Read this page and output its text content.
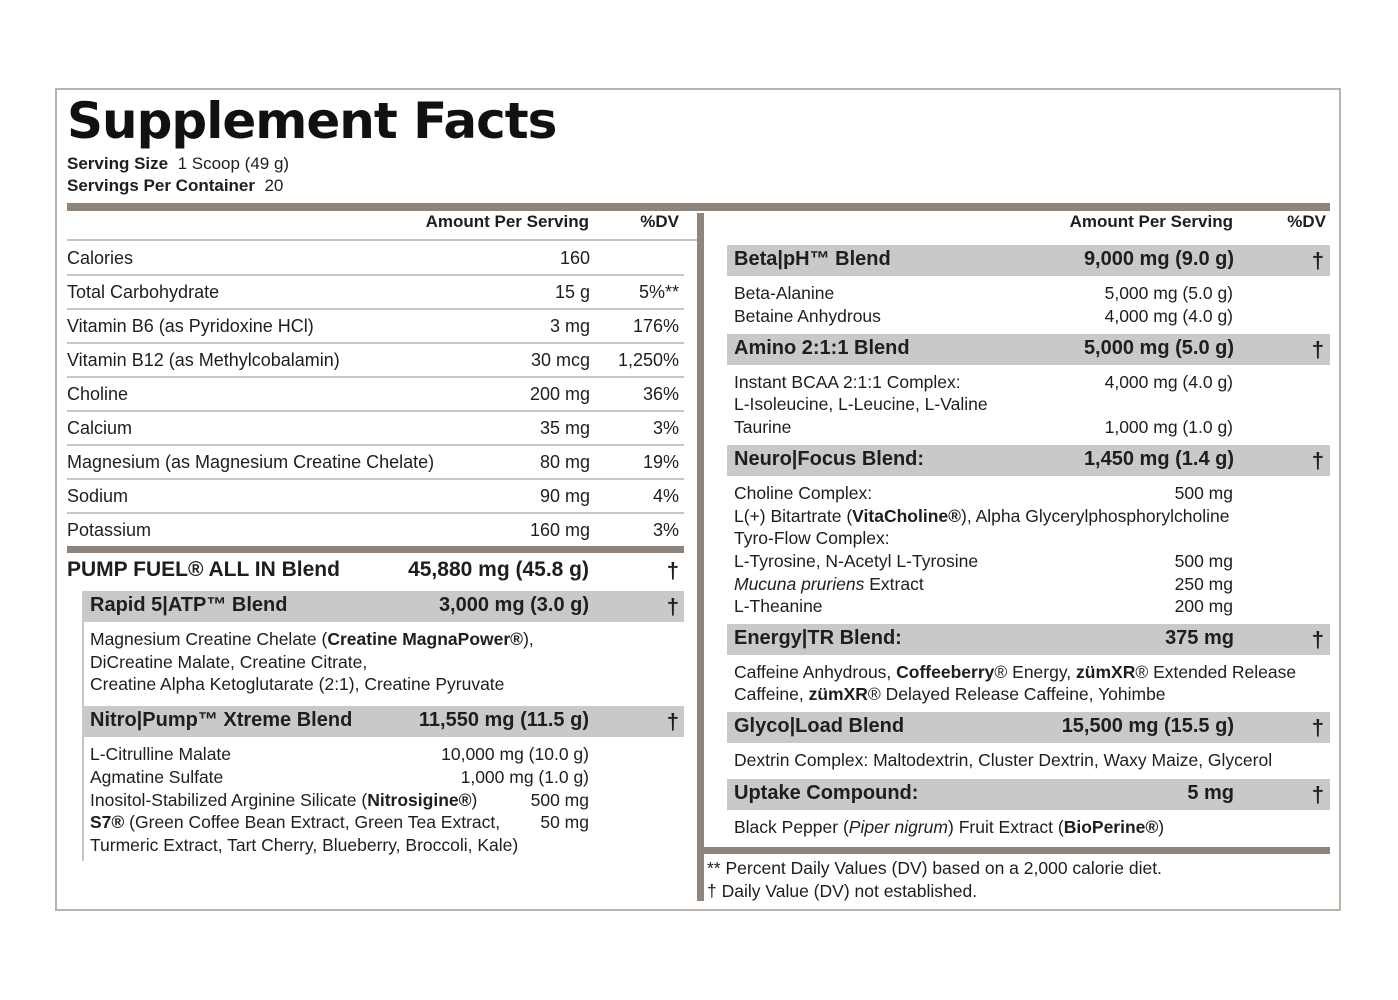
Supplement Facts
Serving Size 1 Scoop (49 g)
Servings Per Container 20
Amount Per Serving	%DV	Amount Per Serving	%DV
Calories	160
Total Carbohydrate	15 g	5%**
Vitamin B6 (as Pyridoxine HCl)	3 mg 176%
Vitamin B12 (as Methylcobalamin)	30 mcg 1,250%
Choline	200 mg	36%
Calcium	35 mg	3%
Magnesium (as Magnesium Creatine Chelate)	80 mg	19%
Sodium	90 mg	4%
Potassium	160 mg	3%
PUMP FUEL® ALL IN Blend	45,880 mg (45.8 g)	†
Rapid 5|ATP™ Blend	3,000 mg (3.0 g)	†
Magnesium Creatine Chelate (Creatine MagnaPower®),
DiCreatine Malate, Creatine Citrate,
Creatine Alpha Ketoglutarate (2:1), Creatine Pyruvate
Nitro|Pump™ Xtreme Blend	11,550 mg (11.5 g)	†
L-Citrulline Malate	10,000 mg (10.0 g)
Agmatine Sulfate	1,000 mg (1.0 g)
Inositol-Stabilized Arginine Silicate (Nitrosigine®)	500 mg
S7® (Green Coffee Bean Extract, Green Tea Extract,	50 mg
Turmeric Extract, Tart Cherry, Blueberry, Broccoli, Kale)
Beta|pH™ Blend	9,000 mg (9.0 g)	†
Beta-Alanine	5,000 mg (5.0 g)
Betaine Anhydrous	4,000 mg (4.0 g)
Amino 2:1:1 Blend	5,000 mg (5.0 g)	†
Instant BCAA 2:1:1 Complex:	4,000 mg (4.0 g)
L-Isoleucine, L-Leucine, L-Valine
Taurine	1,000 mg (1.0 g)
Neuro|Focus Blend:	1,450 mg (1.4 g)	†
Choline Complex:	500 mg
L(+) Bitartrate (VitaCholine®), Alpha Glycerylphosphorylcholine
Tyro-Flow Complex:
L-Tyrosine, N-Acetyl L-Tyrosine	500 mg
Mucuna pruriens Extract	250 mg
L-Theanine	200 mg
Energy|TR Blend:	375 mg	†
Caffeine Anhydrous, Coffeeberry® Energy, zümXR® Extended Release
Caffeine, zümXR® Delayed Release Caffeine, Yohimbe
Glyco|Load Blend	15,500 mg (15.5 g)	†
Dextrin Complex: Maltodextrin, Cluster Dextrin, Waxy Maize, Glycerol
Uptake Compound:	5 mg	†
Black Pepper (Piper nigrum) Fruit Extract (BioPerine®)
** Percent Daily Values (DV) based on a 2,000 calorie diet.
† Daily Value (DV) not established.
